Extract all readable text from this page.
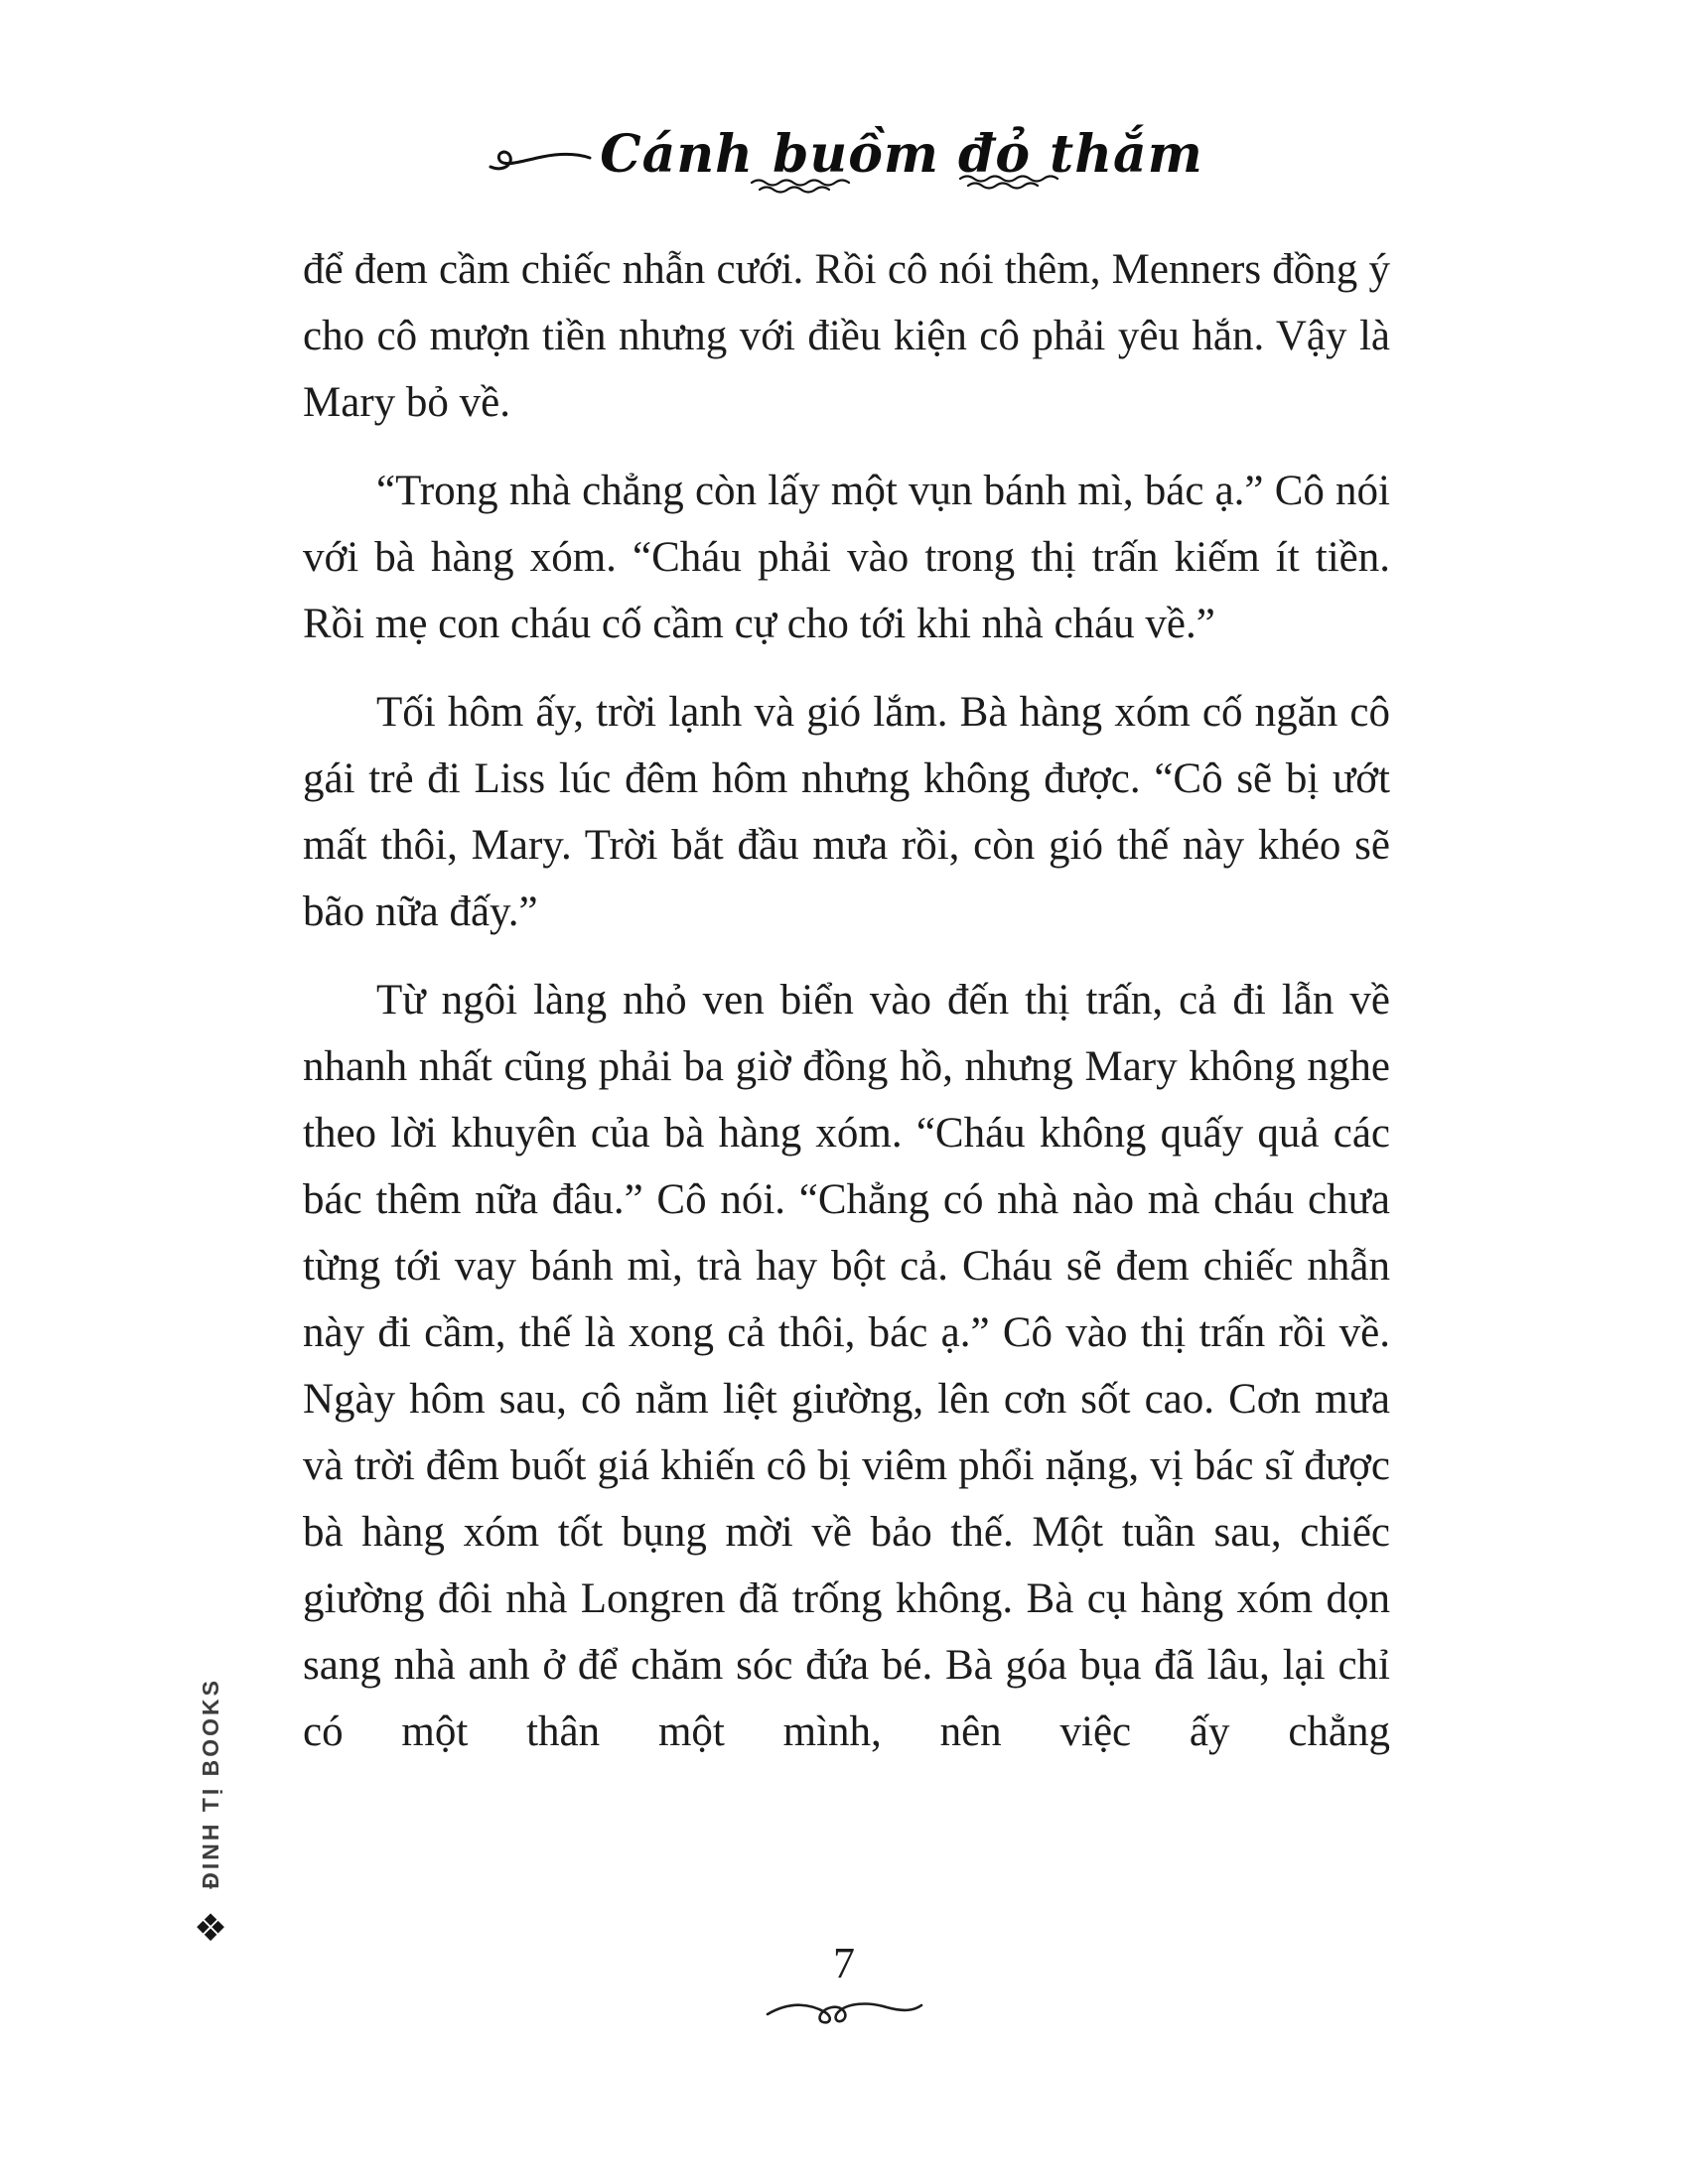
Cánh buồm đỏ thắm

để đem cầm chiếc nhẫn cưới. Rồi cô nói thêm, Menners đồng ý cho cô mượn tiền nhưng với điều kiện cô phải yêu hắn. Vậy là Mary bỏ về.

“Trong nhà chẳng còn lấy một vụn bánh mì, bác ạ.” Cô nói với bà hàng xóm. “Cháu phải vào trong thị trấn kiếm ít tiền. Rồi mẹ con cháu cố cầm cự cho tới khi nhà cháu về.”

Tối hôm ấy, trời lạnh và gió lắm. Bà hàng xóm cố ngăn cô gái trẻ đi Liss lúc đêm hôm nhưng không được. “Cô sẽ bị ướt mất thôi, Mary. Trời bắt đầu mưa rồi, còn gió thế này khéo sẽ bão nữa đấy.”

Từ ngôi làng nhỏ ven biển vào đến thị trấn, cả đi lẫn về nhanh nhất cũng phải ba giờ đồng hồ, nhưng Mary không nghe theo lời khuyên của bà hàng xóm. “Cháu không quấy quả các bác thêm nữa đâu.” Cô nói. “Chẳng có nhà nào mà cháu chưa từng tới vay bánh mì, trà hay bột cả. Cháu sẽ đem chiếc nhẫn này đi cầm, thế là xong cả thôi, bác ạ.” Cô vào thị trấn rồi về. Ngày hôm sau, cô nằm liệt giường, lên cơn sốt cao. Cơn mưa và trời đêm buốt giá khiến cô bị viêm phổi nặng, vị bác sĩ được bà hàng xóm tốt bụng mời về bảo thế. Một tuần sau, chiếc giường đôi nhà Longren đã trống không. Bà cụ hàng xóm dọn sang nhà anh ở để chăm sóc đứa bé. Bà góa bụa đã lâu, lại chỉ có một thân một mình, nên việc ấy chẳng

ĐINH TỊ BOOKS
❖
7
